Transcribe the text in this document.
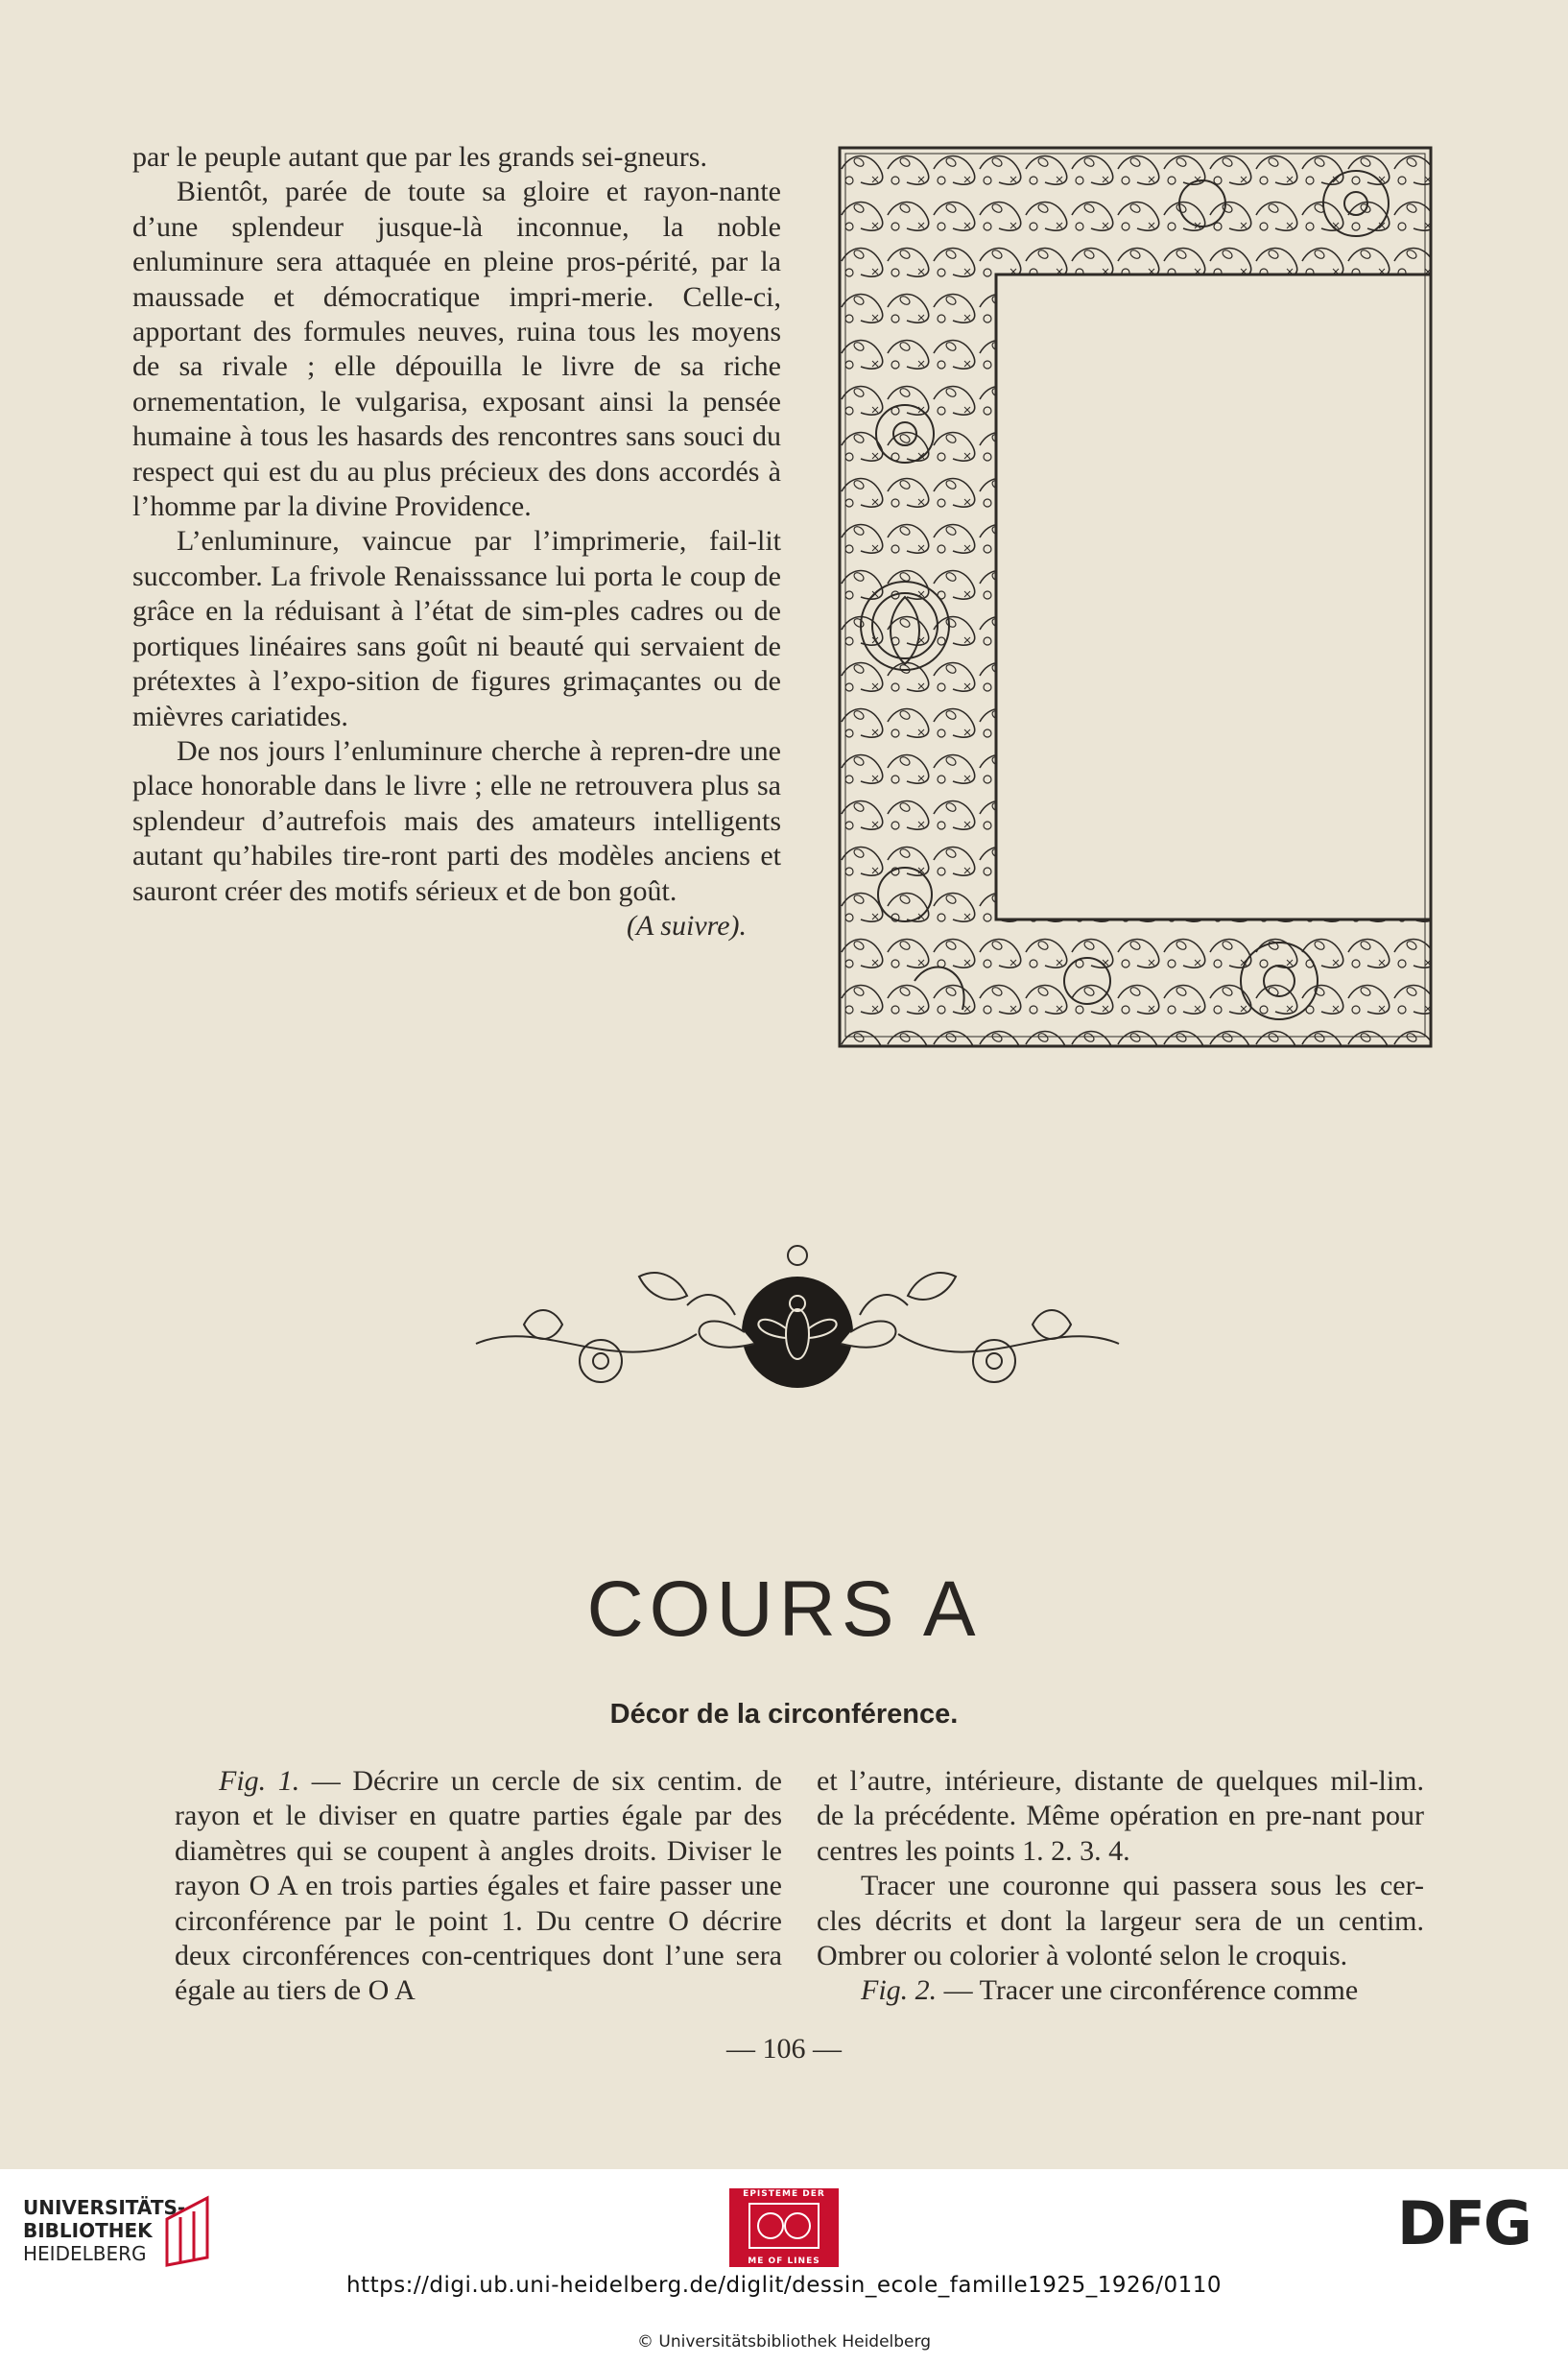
par le peuple autant que par les grands sei-gneurs.

Bientôt, parée de toute sa gloire et rayon-nante d’une splendeur jusque-là inconnue, la noble enluminure sera attaquée en pleine pros-périté, par la maussade et démocratique impri-merie. Celle-ci, apportant des formules neuves, ruina tous les moyens de sa rivale ; elle dépouilla le livre de sa riche ornementation, le vulgarisa, exposant ainsi la pensée humaine à tous les hasards des rencontres sans souci du respect qui est du au plus précieux des dons accordés à l’homme par la divine Providence.

L’enluminure, vaincue par l’imprimerie, fail-lit succomber. La frivole Renaisssance lui porta le coup de grâce en la réduisant à l’état de sim-ples cadres ou de portiques linéaires sans goût ni beauté qui servaient de prétextes à l’expo-sition de figures grimaçantes ou de mièvres cariatides.

De nos jours l’enluminure cherche à repren-dre une place honorable dans le livre ; elle ne retrouvera plus sa splendeur d’autrefois mais des amateurs intelligents autant qu’habiles tire-ront parti des modèles anciens et sauront créer des motifs sérieux et de bon goût.

(A suivre).
COURS A
Décor de la circonférence.

Fig. 1. — Décrire un cercle de six centim. de rayon et le diviser en quatre parties égale par des diamètres qui se coupent à angles droits. Diviser le rayon O A en trois parties égales et faire passer une circonférence par le point 1. Du centre O décrire deux circonférences con-centriques dont l’une sera égale au tiers de O A

et l’autre, intérieure, distante de quelques mil-lim. de la précédente. Même opération en pre-nant pour centres les points 1. 2. 3. 4.

Tracer une couronne qui passera sous les cer-cles décrits et dont la largeur sera de un centim. Ombrer ou colorier à volonté selon le croquis.

Fig. 2. — Tracer une circonférence comme

— 106 —
UNIVERSITÄTS-
BIBLIOTHEK
HEIDELBERG
EPISTEME DER
ME OF LINES
DFG
https://digi.ub.uni-heidelberg.de/diglit/dessin_ecole_famille1925_1926/0110
© Universitätsbibliothek Heidelberg
